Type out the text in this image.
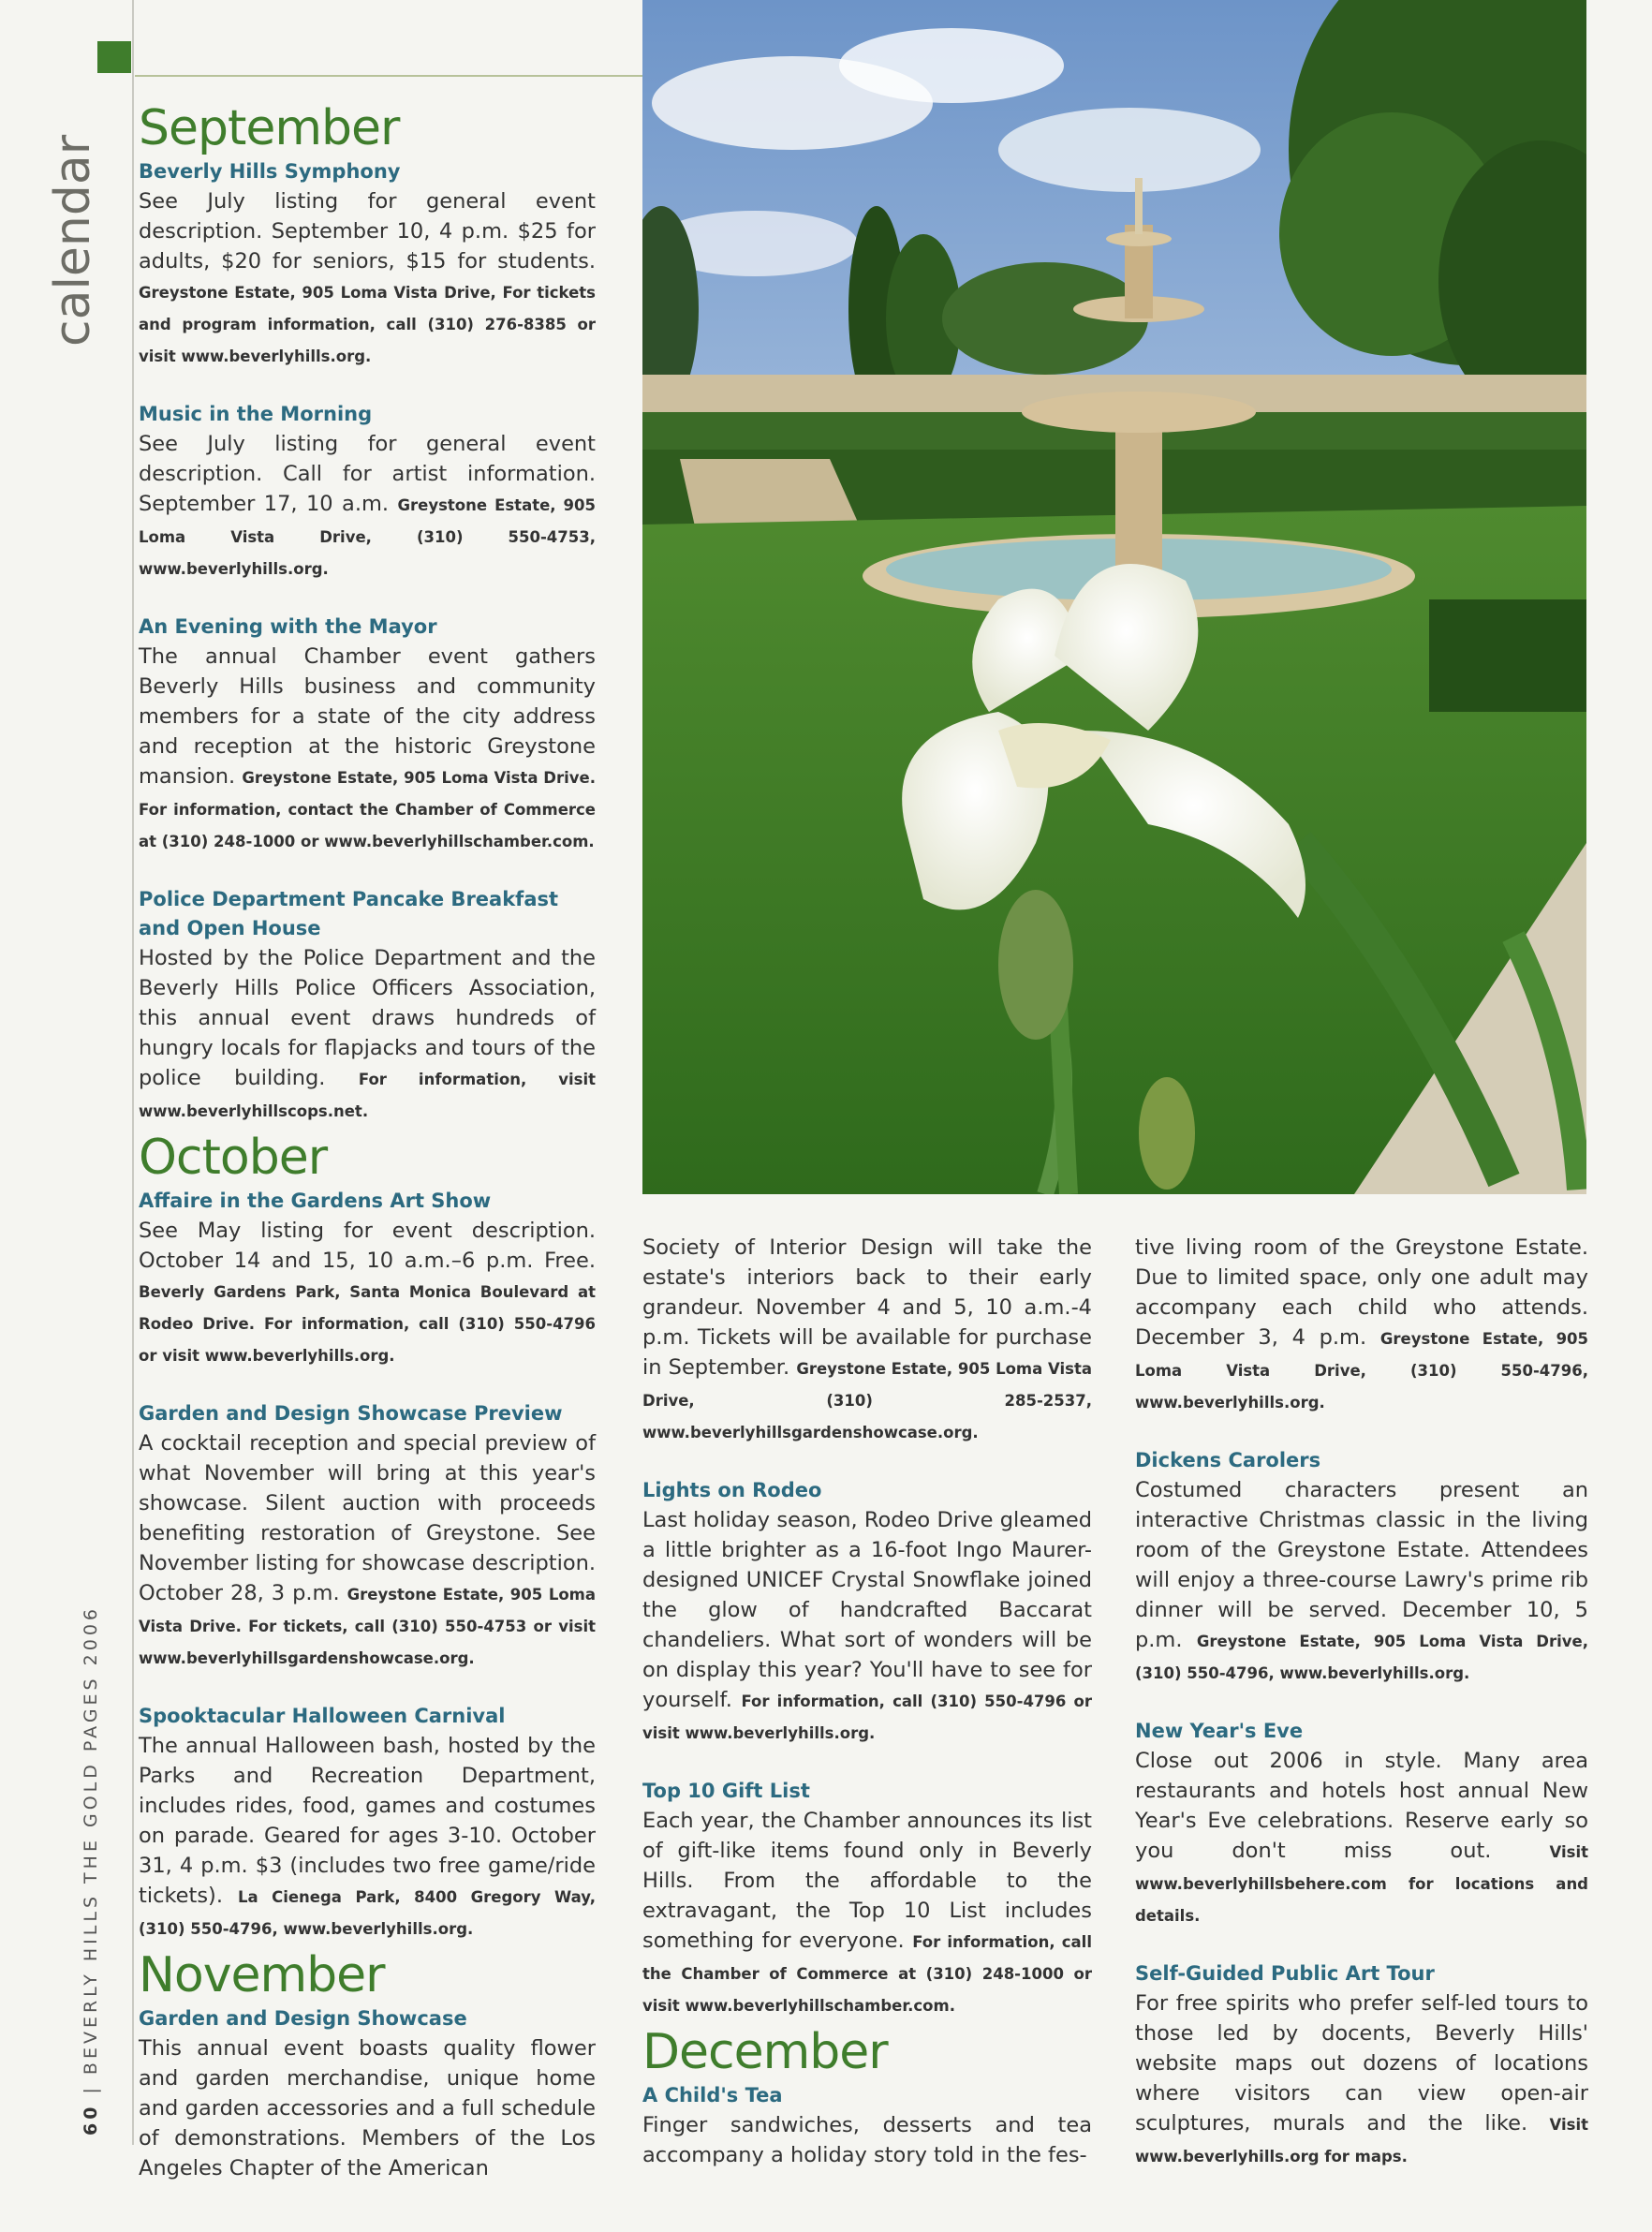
calendar
60 | BEVERLY HILLS THE GOLD PAGES 2006
September
Beverly Hills Symphony

See July listing for general event description. September 10, 4 p.m. $25 for adults, $20 for seniors, $15 for students. Greystone Estate, 905 Loma Vista Drive, For tickets and program information, call (310) 276-8385 or visit www.beverlyhills.org.

Music in the Morning

See July listing for general event description. Call for artist information. September 17, 10 a.m. Greystone Estate, 905 Loma Vista Drive, (310) 550-4753, www.beverlyhills.org.

An Evening with the Mayor

The annual Chamber event gathers Beverly Hills business and community members for a state of the city address and reception at the historic Greystone mansion. Greystone Estate, 905 Loma Vista Drive. For information, contact the Chamber of Commerce at (310) 248-1000 or www.beverlyhillschamber.com.

Police Department Pancake Breakfast and Open House

Hosted by the Police Department and the Beverly Hills Police Officers Association, this annual event draws hundreds of hungry locals for flapjacks and tours of the police building. For information, visit www.beverlyhillscops.net.

October
Affaire in the Gardens Art Show

See May listing for event description. October 14 and 15, 10 a.m.–6 p.m. Free. Beverly Gardens Park, Santa Monica Boulevard at Rodeo Drive. For information, call (310) 550-4796 or visit www.beverlyhills.org.

Garden and Design Showcase Preview

A cocktail reception and special preview of what November will bring at this year's showcase. Silent auction with proceeds benefiting restoration of Greystone. See November listing for showcase description. October 28, 3 p.m. Greystone Estate, 905 Loma Vista Drive. For tickets, call (310) 550-4753 or visit www.beverlyhillsgardenshowcase.org.

Spooktacular Halloween Carnival

The annual Halloween bash, hosted by the Parks and Recreation Department, includes rides, food, games and costumes on parade. Geared for ages 3-10. October 31, 4 p.m. $3 (includes two free game/ride tickets). La Cienega Park, 8400 Gregory Way, (310) 550-4796, www.beverlyhills.org.

November
Garden and Design Showcase

This annual event boasts quality flower and garden merchandise, unique home and garden accessories and a full schedule of demonstrations. Members of the Los Angeles Chapter of the American

Society of Interior Design will take the estate's interiors back to their early grandeur. November 4 and 5, 10 a.m.-4 p.m. Tickets will be available for purchase in September. Greystone Estate, 905 Loma Vista Drive, (310) 285-2537, www.beverlyhillsgardenshowcase.org.

Lights on Rodeo

Last holiday season, Rodeo Drive gleamed a little brighter as a 16-foot Ingo Maurer-designed UNICEF Crystal Snowflake joined the glow of handcrafted Baccarat chandeliers. What sort of wonders will be on display this year? You'll have to see for yourself. For information, call (310) 550-4796 or visit www.beverlyhills.org.

Top 10 Gift List

Each year, the Chamber announces its list of gift-like items found only in Beverly Hills. From the affordable to the extravagant, the Top 10 List includes something for everyone. For information, call the Chamber of Commerce at (310) 248-1000 or visit www.beverlyhillschamber.com.

December
A Child's Tea

Finger sandwiches, desserts and tea accompany a holiday story told in the fes-

tive living room of the Greystone Estate. Due to limited space, only one adult may accompany each child who attends. December 3, 4 p.m. Greystone Estate, 905 Loma Vista Drive, (310) 550-4796, www.beverlyhills.org.

Dickens Carolers

Costumed characters present an interactive Christmas classic in the living room of the Greystone Estate. Attendees will enjoy a three-course Lawry's prime rib dinner will be served. December 10, 5 p.m. Greystone Estate, 905 Loma Vista Drive, (310) 550-4796, www.beverlyhills.org.

New Year's Eve

Close out 2006 in style. Many area restaurants and hotels host annual New Year's Eve celebrations. Reserve early so you don't miss out.	Visit www.beverlyhillsbehere.com for locations and details.

Self-Guided Public Art Tour

For free spirits who prefer self-led tours to those led by docents, Beverly Hills' website maps out dozens of locations where visitors can view open-air sculptures, murals and the like. Visit www.beverlyhills.org for maps.
